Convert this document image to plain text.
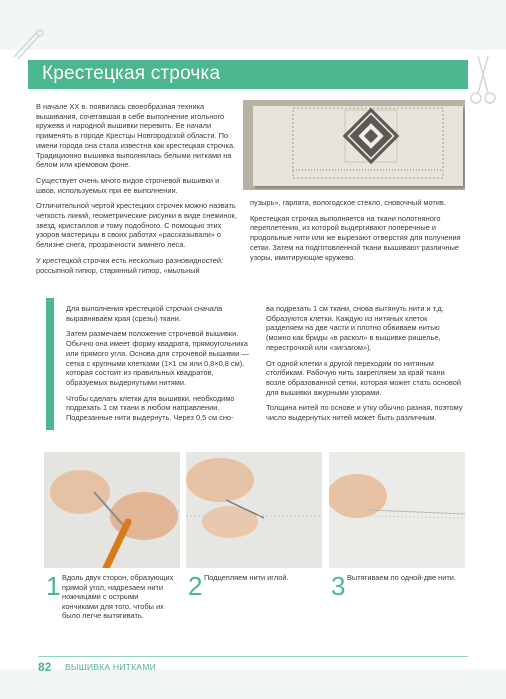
Крестецкая строчка

В начале XX в. появилась своеобразная техника вышивания, сочетавшая в себе выполнение игольного кружева и народной вышивки перевить. Ее начали применять в городе Крестцы Новгородской области. По имени города она стала известна как крестецкая строчка. Традиционно вышивка выполнялась белыми нитками на белом или кремовом фоне.

Существует очень много видов строчевой вышивки и швов, используемых при ее выполнении.

Отличительной чертой крестецких строчек можно назвать четкость линий, геометрические рисунки в виде снежинок, звезд, кристаллов и тому подобного. С помощью этих узоров мастерицы в своих работах «рассказывали» о белизне снега, прозрачности зимнего леса.

У крестецкой строчки есть несколько разновидностей: россыпной гипюр, старинный гипюр, «мыльный

пузырь», гарлата, вологодское стекло, сновочный мотив.

Крестецкая строчка выполняется на ткани полотняного переплетения, из которой выдергивают поперечные и продольные нити или же вырезают отверстия для получения сетки. Затем на подготовленной ткани вышивают различные узоры, имитирующие кружево.

Для выполнения крестецкой строчки сначала выравниваем края (срезы) ткани.

Затем размечаем положение строчевой вышивки. Обычно она имеет форму квадрата, прямоугольника или прямого угла. Основа для строчевой вышивки — сетка с крупными клетками (1×1 см или 0,8×0,8 см), которая состоит из правильных квадратов, образуемых выдернутыми нитями.

Чтобы сделать клетки для вышивки, необходимо подрезать 1 см ткани в любом направлении. Подрезанные нити выдернуть. Через 0,5 см сно-

ва подрезать 1 см ткани, снова вытянуть нити и т.д. Образуются клетки. Каждую из нитяных клеток разделяем на две части и плотно обвиваем нитью (можно как бриды «в раскол» в вышивке ришелье, перестрочкой или «зигзагом»).

От одной клетки к другой переходим по нитяным столбикам. Рабочую нить закрепляем за край ткани возле образованной сетки, которая может стать основой для вышивки ажурными узорами.

Толщина нитей по основе и утку обычно разная, поэтому число выдернутых нитей может быть различным.

1 Вдоль двух сторон, образующих прямой угол, надрезаем нити ножницами с острыми кончиками для того, чтобы их было легче вытягивать.
2 Подцепляем нити иглой.	3 Вытягиваем по одной-две нити.
82 ВЫШИВКА НИТКАМИ
